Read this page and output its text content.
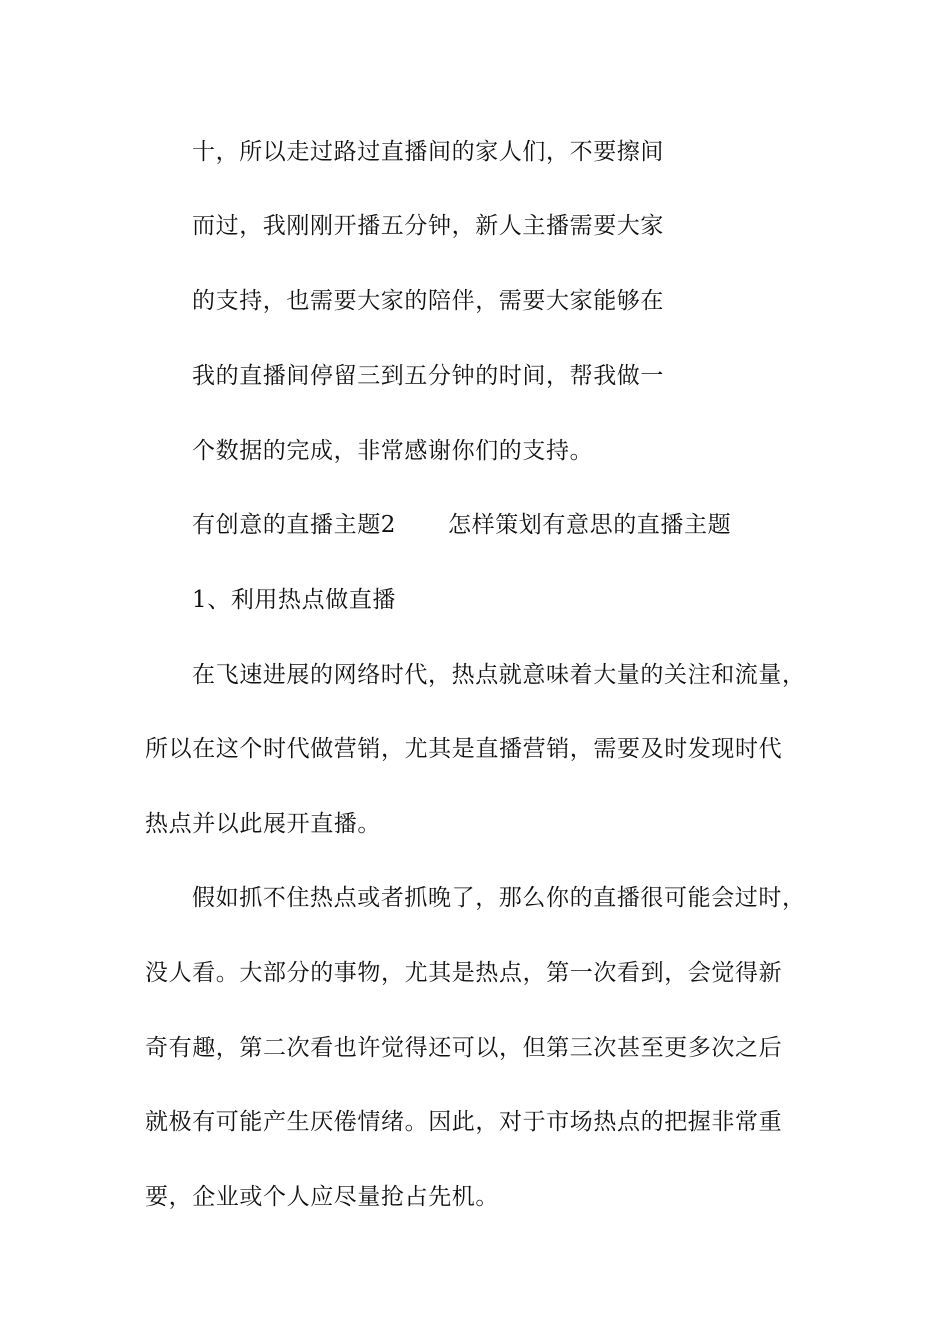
十，所以走过路过直播间的家人们，不要擦间
而过，我刚刚开播五分钟，新人主播需要大家
的支持，也需要大家的陪伴，需要大家能够在
我的直播间停留三到五分钟的时间，帮我做一
个数据的完成，非常感谢你们的支持。
有创意的直播主题2 怎样策划有意思的直播主题
1、利用热点做直播
在飞速进展的网络时代，热点就意味着大量的关注和流量，
所以在这个时代做营销，尤其是直播营销，需要及时发现时代
热点并以此展开直播。
假如抓不住热点或者抓晚了，那么你的直播很可能会过时，
没人看。大部分的事物，尤其是热点，第一次看到，会觉得新
奇有趣，第二次看也许觉得还可以，但第三次甚至更多次之后
就极有可能产生厌倦情绪。因此，对于市场热点的把握非常重
要，企业或个人应尽量抢占先机。
